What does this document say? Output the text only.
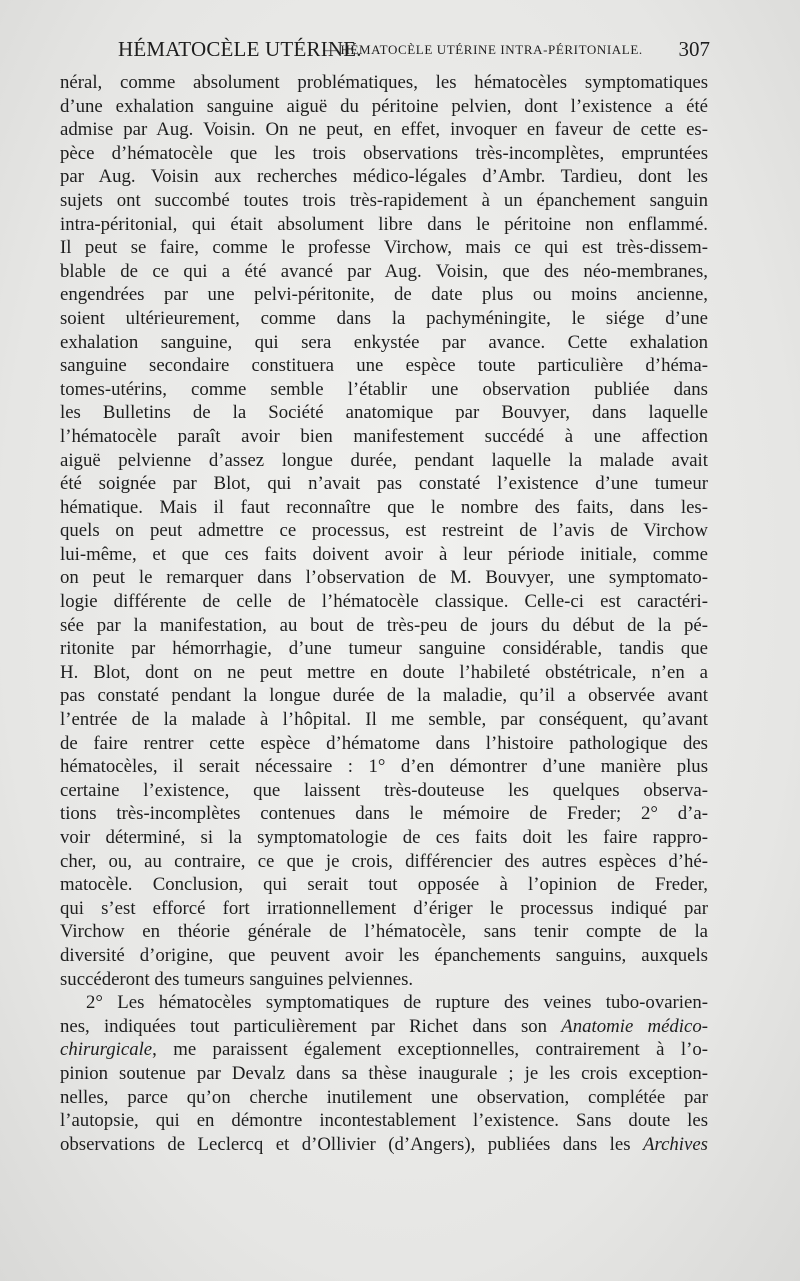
HÉMATOCÈLE UTÉRINE.
— HÉMATOCÈLE UTÉRINE INTRA-PÉRITONIALE. 307
néral, comme absolument problématiques, les hématocèles symptomatiques
d’une exhalation sanguine aiguë du péritoine pelvien, dont l’existence a été
admise par Aug. Voisin. On ne peut, en effet, invoquer en faveur de cette es-
pèce d’hématocèle que les trois observations très-incomplètes, empruntées
par Aug. Voisin aux recherches médico-légales d’Ambr. Tardieu, dont les
sujets ont succombé toutes trois très-rapidement à un épanchement sanguin
intra-péritonial, qui était absolument libre dans le péritoine non enflammé.
Il peut se faire, comme le professe Virchow, mais ce qui est très-dissem-
blable de ce qui a été avancé par Aug. Voisin, que des néo-membranes,
engendrées par une pelvi-péritonite, de date plus ou moins ancienne,
soient ultérieurement, comme dans la pachyméningite, le siége d’une
exhalation sanguine, qui sera enkystée par avance. Cette exhalation
sanguine secondaire constituera une espèce toute particulière d’héma-
tomes-utérins, comme semble l’établir une observation publiée dans
les Bulletins de la Société anatomique par Bouvyer, dans laquelle
l’hématocèle paraît avoir bien manifestement succédé à une affection
aiguë pelvienne d’assez longue durée, pendant laquelle la malade avait
été soignée par Blot, qui n’avait pas constaté l’existence d’une tumeur
hématique. Mais il faut reconnaître que le nombre des faits, dans les-
quels on peut admettre ce processus, est restreint de l’avis de Virchow
lui-même, et que ces faits doivent avoir à leur période initiale, comme
on peut le remarquer dans l’observation de M. Bouvyer, une symptomato-
logie différente de celle de l’hématocèle classique. Celle-ci est caractéri-
sée par la manifestation, au bout de très-peu de jours du début de la pé-
ritonite par hémorrhagie, d’une tumeur sanguine considérable, tandis que
H. Blot, dont on ne peut mettre en doute l’habileté obstétricale, n’en a
pas constaté pendant la longue durée de la maladie, qu’il a observée avant
l’entrée de la malade à l’hôpital. Il me semble, par conséquent, qu’avant
de faire rentrer cette espèce d’hématome dans l’histoire pathologique des
hématocèles, il serait nécessaire : 1° d’en démontrer d’une manière plus
certaine l’existence, que laissent très-douteuse les quelques observa-
tions très-incomplètes contenues dans le mémoire de Freder; 2° d’a-
voir déterminé, si la symptomatologie de ces faits doit les faire rappro-
cher, ou, au contraire, ce que je crois, différencier des autres espèces d’hé-
matocèle. Conclusion, qui serait tout opposée à l’opinion de Freder,
qui s’est efforcé fort irrationnellement d’ériger le processus indiqué par
Virchow en théorie générale de l’hématocèle, sans tenir compte de la
diversité d’origine, que peuvent avoir les épanchements sanguins, auxquels
succéderont des tumeurs sanguines pelviennes.
2° Les hématocèles symptomatiques de rupture des veines tubo-ovarien-
nes, indiquées tout particulièrement par Richet dans son Anatomie médico-
chirurgicale, me paraissent également exceptionnelles, contrairement à l’o-
pinion soutenue par Devalz dans sa thèse inaugurale ; je les crois exception-
nelles, parce qu’on cherche inutilement une observation, complétée par
l’autopsie, qui en démontre incontestablement l’existence. Sans doute les
observations de Leclercq et d’Ollivier (d’Angers), publiées dans les Archives
